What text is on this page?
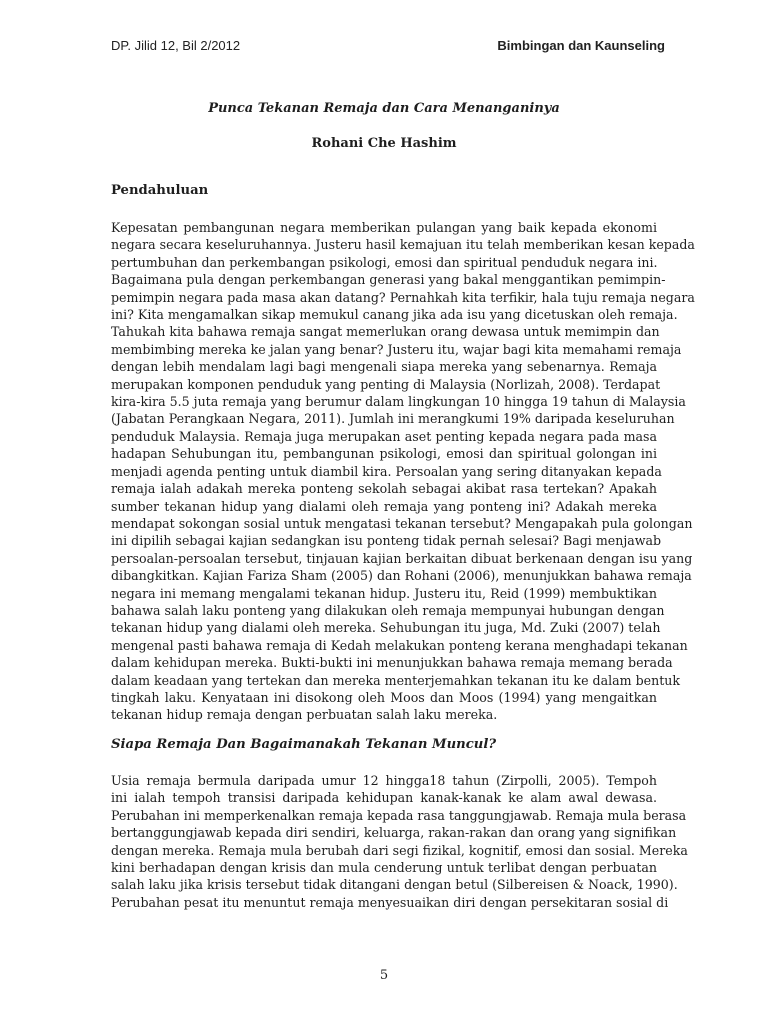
DP. Jilid 12, Bil 2/2012	Bimbingan dan Kaunseling
Punca Tekanan Remaja dan Cara Menanganinya
Rohani Che Hashim
Pendahuluan
Kepesatan pembangunan negara memberikan pulangan yang baik kepada ekonomi
negara secara keseluruhannya. Justeru hasil kemajuan itu telah memberikan kesan kepada
pertumbuhan dan perkembangan psikologi, emosi dan spiritual penduduk negara ini.
Bagaimana pula dengan perkembangan generasi yang bakal menggantikan pemimpin-
pemimpin negara pada masa akan datang? Pernahkah kita terfikir, hala tuju remaja negara
ini? Kita mengamalkan sikap memukul canang jika ada isu yang dicetuskan oleh remaja.
Tahukah kita bahawa remaja sangat memerlukan orang dewasa untuk memimpin dan
membimbing mereka ke jalan yang benar? Justeru itu, wajar bagi kita memahami remaja
dengan lebih mendalam lagi bagi mengenali siapa mereka yang sebenarnya. Remaja
merupakan komponen penduduk yang penting di Malaysia (Norlizah, 2008). Terdapat
kira-kira 5.5 juta remaja yang berumur dalam lingkungan 10 hingga 19 tahun di Malaysia
(Jabatan Perangkaan Negara, 2011). Jumlah ini merangkumi 19% daripada keseluruhan
penduduk Malaysia. Remaja juga merupakan aset penting kepada negara pada masa
hadapan Sehubungan itu, pembangunan psikologi, emosi dan spiritual golongan ini
menjadi agenda penting untuk diambil kira. Persoalan yang sering ditanyakan kepada
remaja ialah adakah mereka ponteng sekolah sebagai akibat rasa tertekan? Apakah
sumber tekanan hidup yang dialami oleh remaja yang ponteng ini? Adakah mereka
mendapat sokongan sosial untuk mengatasi tekanan tersebut? Mengapakah pula golongan
ini dipilih sebagai kajian sedangkan isu ponteng tidak pernah selesai? Bagi menjawab
persoalan-persoalan tersebut, tinjauan kajian berkaitan dibuat berkenaan dengan isu yang
dibangkitkan. Kajian Fariza Sham (2005) dan Rohani (2006), menunjukkan bahawa remaja
negara ini memang mengalami tekanan hidup. Justeru itu, Reid (1999) membuktikan
bahawa salah laku ponteng yang dilakukan oleh remaja mempunyai hubungan dengan
tekanan hidup yang dialami oleh mereka. Sehubungan itu juga, Md. Zuki (2007) telah
mengenal pasti bahawa remaja di Kedah melakukan ponteng kerana menghadapi tekanan
dalam kehidupan mereka. Bukti-bukti ini menunjukkan bahawa remaja memang berada
dalam keadaan yang tertekan dan mereka menterjemahkan tekanan itu ke dalam bentuk
tingkah laku. Kenyataan ini disokong oleh Moos dan Moos (1994) yang mengaitkan
tekanan hidup remaja dengan perbuatan salah laku mereka.
Siapa Remaja Dan Bagaimanakah Tekanan Muncul?
Usia remaja bermula daripada umur 12 hingga18 tahun (Zirpolli, 2005). Tempoh
ini ialah tempoh transisi daripada kehidupan kanak-kanak ke alam awal dewasa.
Perubahan ini memperkenalkan remaja kepada rasa tanggungjawab. Remaja mula berasa
bertanggungjawab kepada diri sendiri, keluarga, rakan-rakan dan orang yang signifikan
dengan mereka. Remaja mula berubah dari segi fizikal, kognitif, emosi dan sosial. Mereka
kini berhadapan dengan krisis dan mula cenderung untuk terlibat dengan perbuatan
salah laku jika krisis tersebut tidak ditangani dengan betul (Silbereisen & Noack, 1990).
Perubahan pesat itu menuntut remaja menyesuaikan diri dengan persekitaran sosial di
5
